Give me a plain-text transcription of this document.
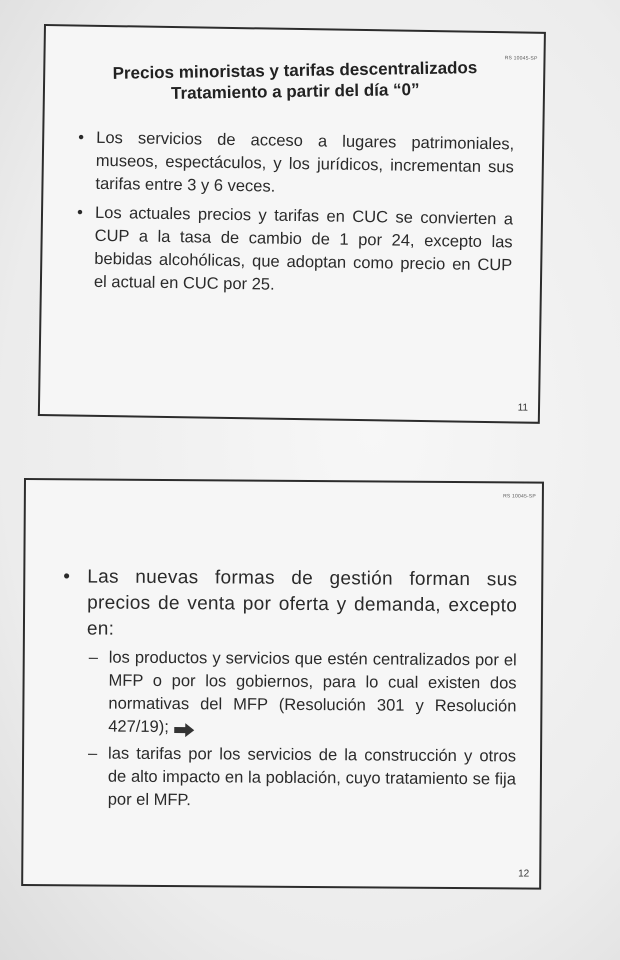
RS 10045-SP
Precios minoristas y tarifas descentralizados
Tratamiento a partir del día “0”
• Los servicios de acceso a lugares patrimoniales, museos, espectáculos, y los jurídicos, incrementan sus tarifas entre 3 y 6 veces.
• Los actuales precios y tarifas en CUC se convierten a CUP a la tasa de cambio de 1 por 24, excepto las bebidas alcohólicas, que adoptan como precio en CUP el actual en CUC por 25.
11
RS 10045-SP
• Las nuevas formas de gestión forman sus precios de venta por oferta y demanda, excepto en:
– los productos y servicios que estén centralizados por el MFP o por los gobiernos, para lo cual existen dos normativas del MFP (Resolución 301 y Resolución 427/19);
– las tarifas por los servicios de la construcción y otros de alto impacto en la población, cuyo tratamiento se fija por el MFP.
12
